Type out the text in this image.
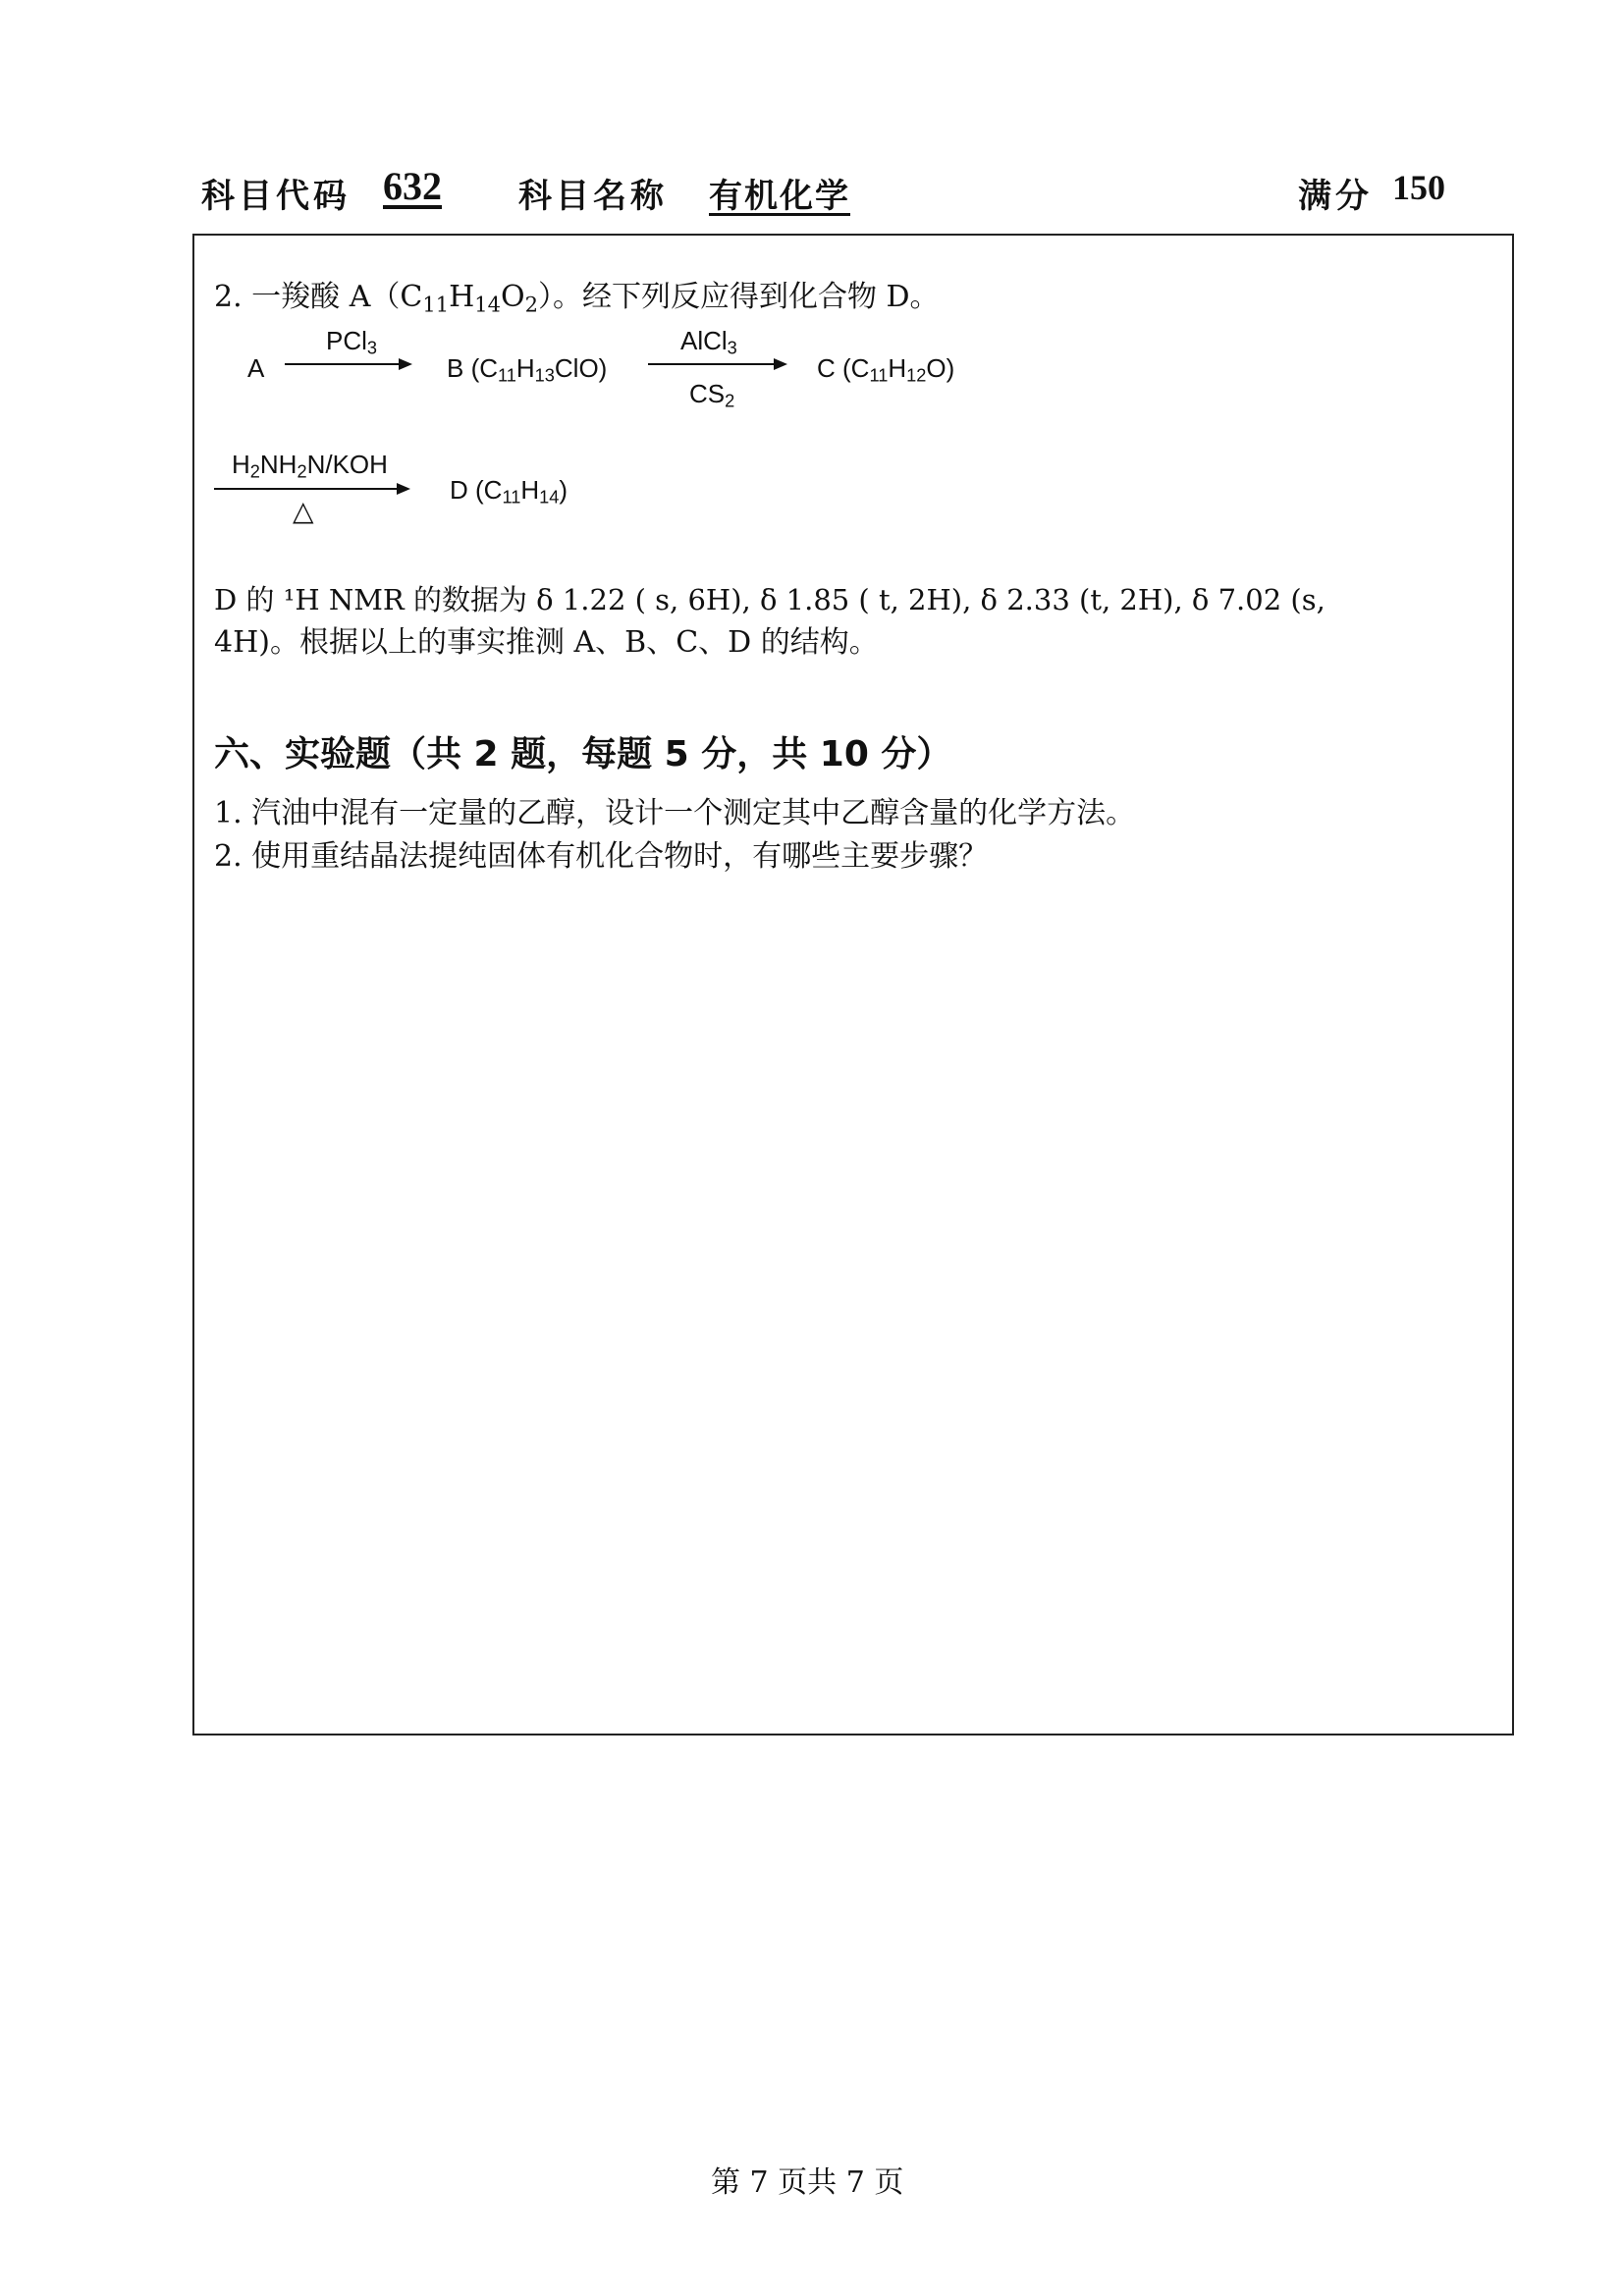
科目代码 632 科目名称 有机化学	满分 150
2. 一羧酸 $A(C_{11}H_{14}O_2)$。经下列反应得到化合物 D。
A
PCl$_3$
B $(C_{11}H_{13}ClO)$
AlCl$_3$
$CS_2$
C $(C_{11}H_{12}O)$
$H_2NH_2N$/KOH
△
D $(C_{11}H_{14})$
D 的 ¹H NMR 的数据为 δ 1.22 ( s, 6H), δ 1.85 ( t, 2H), δ 2.33 (t, 2H), δ 7.02 (s,
4H)。根据以上的事实推测 A、B、C、D 的结构。
六、实验题（共 2 题，每题 5 分，共 10 分）
1. 汽油中混有一定量的乙醇，设计一个测定其中乙醇含量的化学方法。
2. 使用重结晶法提纯固体有机化合物时，有哪些主要步骤？
第 7 页共 7 页
